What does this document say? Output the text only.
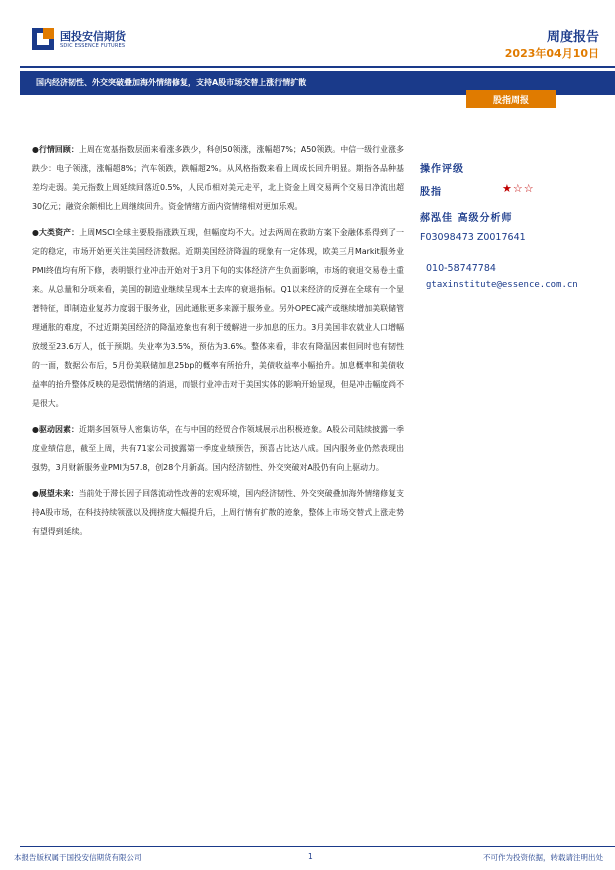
国投安信期货
SDIC ESSENCE FUTURES
周度报告
2023年04月10日
国内经济韧性、外交突破叠加海外情绪修复，支持A股市场交替上涨行情扩散
股指周报

●行情回顾：上周在宽基指数层面来看涨多跌少，科创50领涨，涨幅超7%；A50领跌。中信一级行业涨多跌少：电子领涨，涨幅超8%；汽车领跌，跌幅超2%。从风格指数来看上周成长回升明显。期指各品种基差均走弱。美元指数上周延续回落近0.5%，人民币相对美元走平，北上资金上周交易两个交易日净流出超30亿元；融资余额相比上周继续回升。资金情绪方面内资情绪相对更加乐观。

●大类资产：上周MSCI全球主要股指涨跌互现，但幅度均不大。过去两周在救助方案下金融体系得到了一定的稳定，市场开始更关注美国经济数据。近期美国经济降温的现象有一定体现，欧美三月Markit服务业PMI终值均有所下修，表明银行业冲击开始对于3月下旬的实体经济产生负面影响，市场的衰退交易卷土重来。从总量和分项来看，美国的制造业继续呈现本土去库的衰退指标。Q1以来经济的反弹在全球有一个显著特征，即制造业复苏力度弱于服务业，因此通胀更多来源于服务业。另外OPEC减产或继续增加美联储管理通胀的难度，不过近期美国经济的降温迹象也有利于缓解进一步加息的压力。3月美国非农就业人口增幅放缓至23.6万人，低于预期。失业率为3.5%，预估为3.6%。整体来看，非农有降温因素但同时也有韧性的一面，数据公布后，5月份美联储加息25bp的概率有所抬升，美债收益率小幅抬升。加息概率和美债收益率的抬升整体反映的是恐慌情绪的消退，而银行业冲击对于美国实体的影响开始显现，但是冲击幅度尚不是很大。

●驱动因素：近期多国领导人密集访华，在与中国的经贸合作领域展示出积极迹象。A股公司陆续披露一季度业绩信息，截至上周，共有71家公司披露第一季度业绩预告，预喜占比达八成。国内服务业仍然表现出强势，3月财新服务业PMI为57.8，创28个月新高。国内经济韧性、外交突破对A股仍有向上驱动力。

●展望未来：当前处于滞长因子回落流动性改善的宏观环境，国内经济韧性、外交突破叠加海外情绪修复支持A股市场，在科技持续领涨以及拥挤度大幅提升后，上周行情有扩散的迹象，整体上市场交替式上涨走势有望得到延续。

操作评级
股指	★☆☆
郝泓佳 高级分析师
F03098473 Z0017641
010-58747784
gtaxinstitute@essence.com.cn
本报告版权属于国投安信期货有限公司	1	不可作为投资依据，转载请注明出处
